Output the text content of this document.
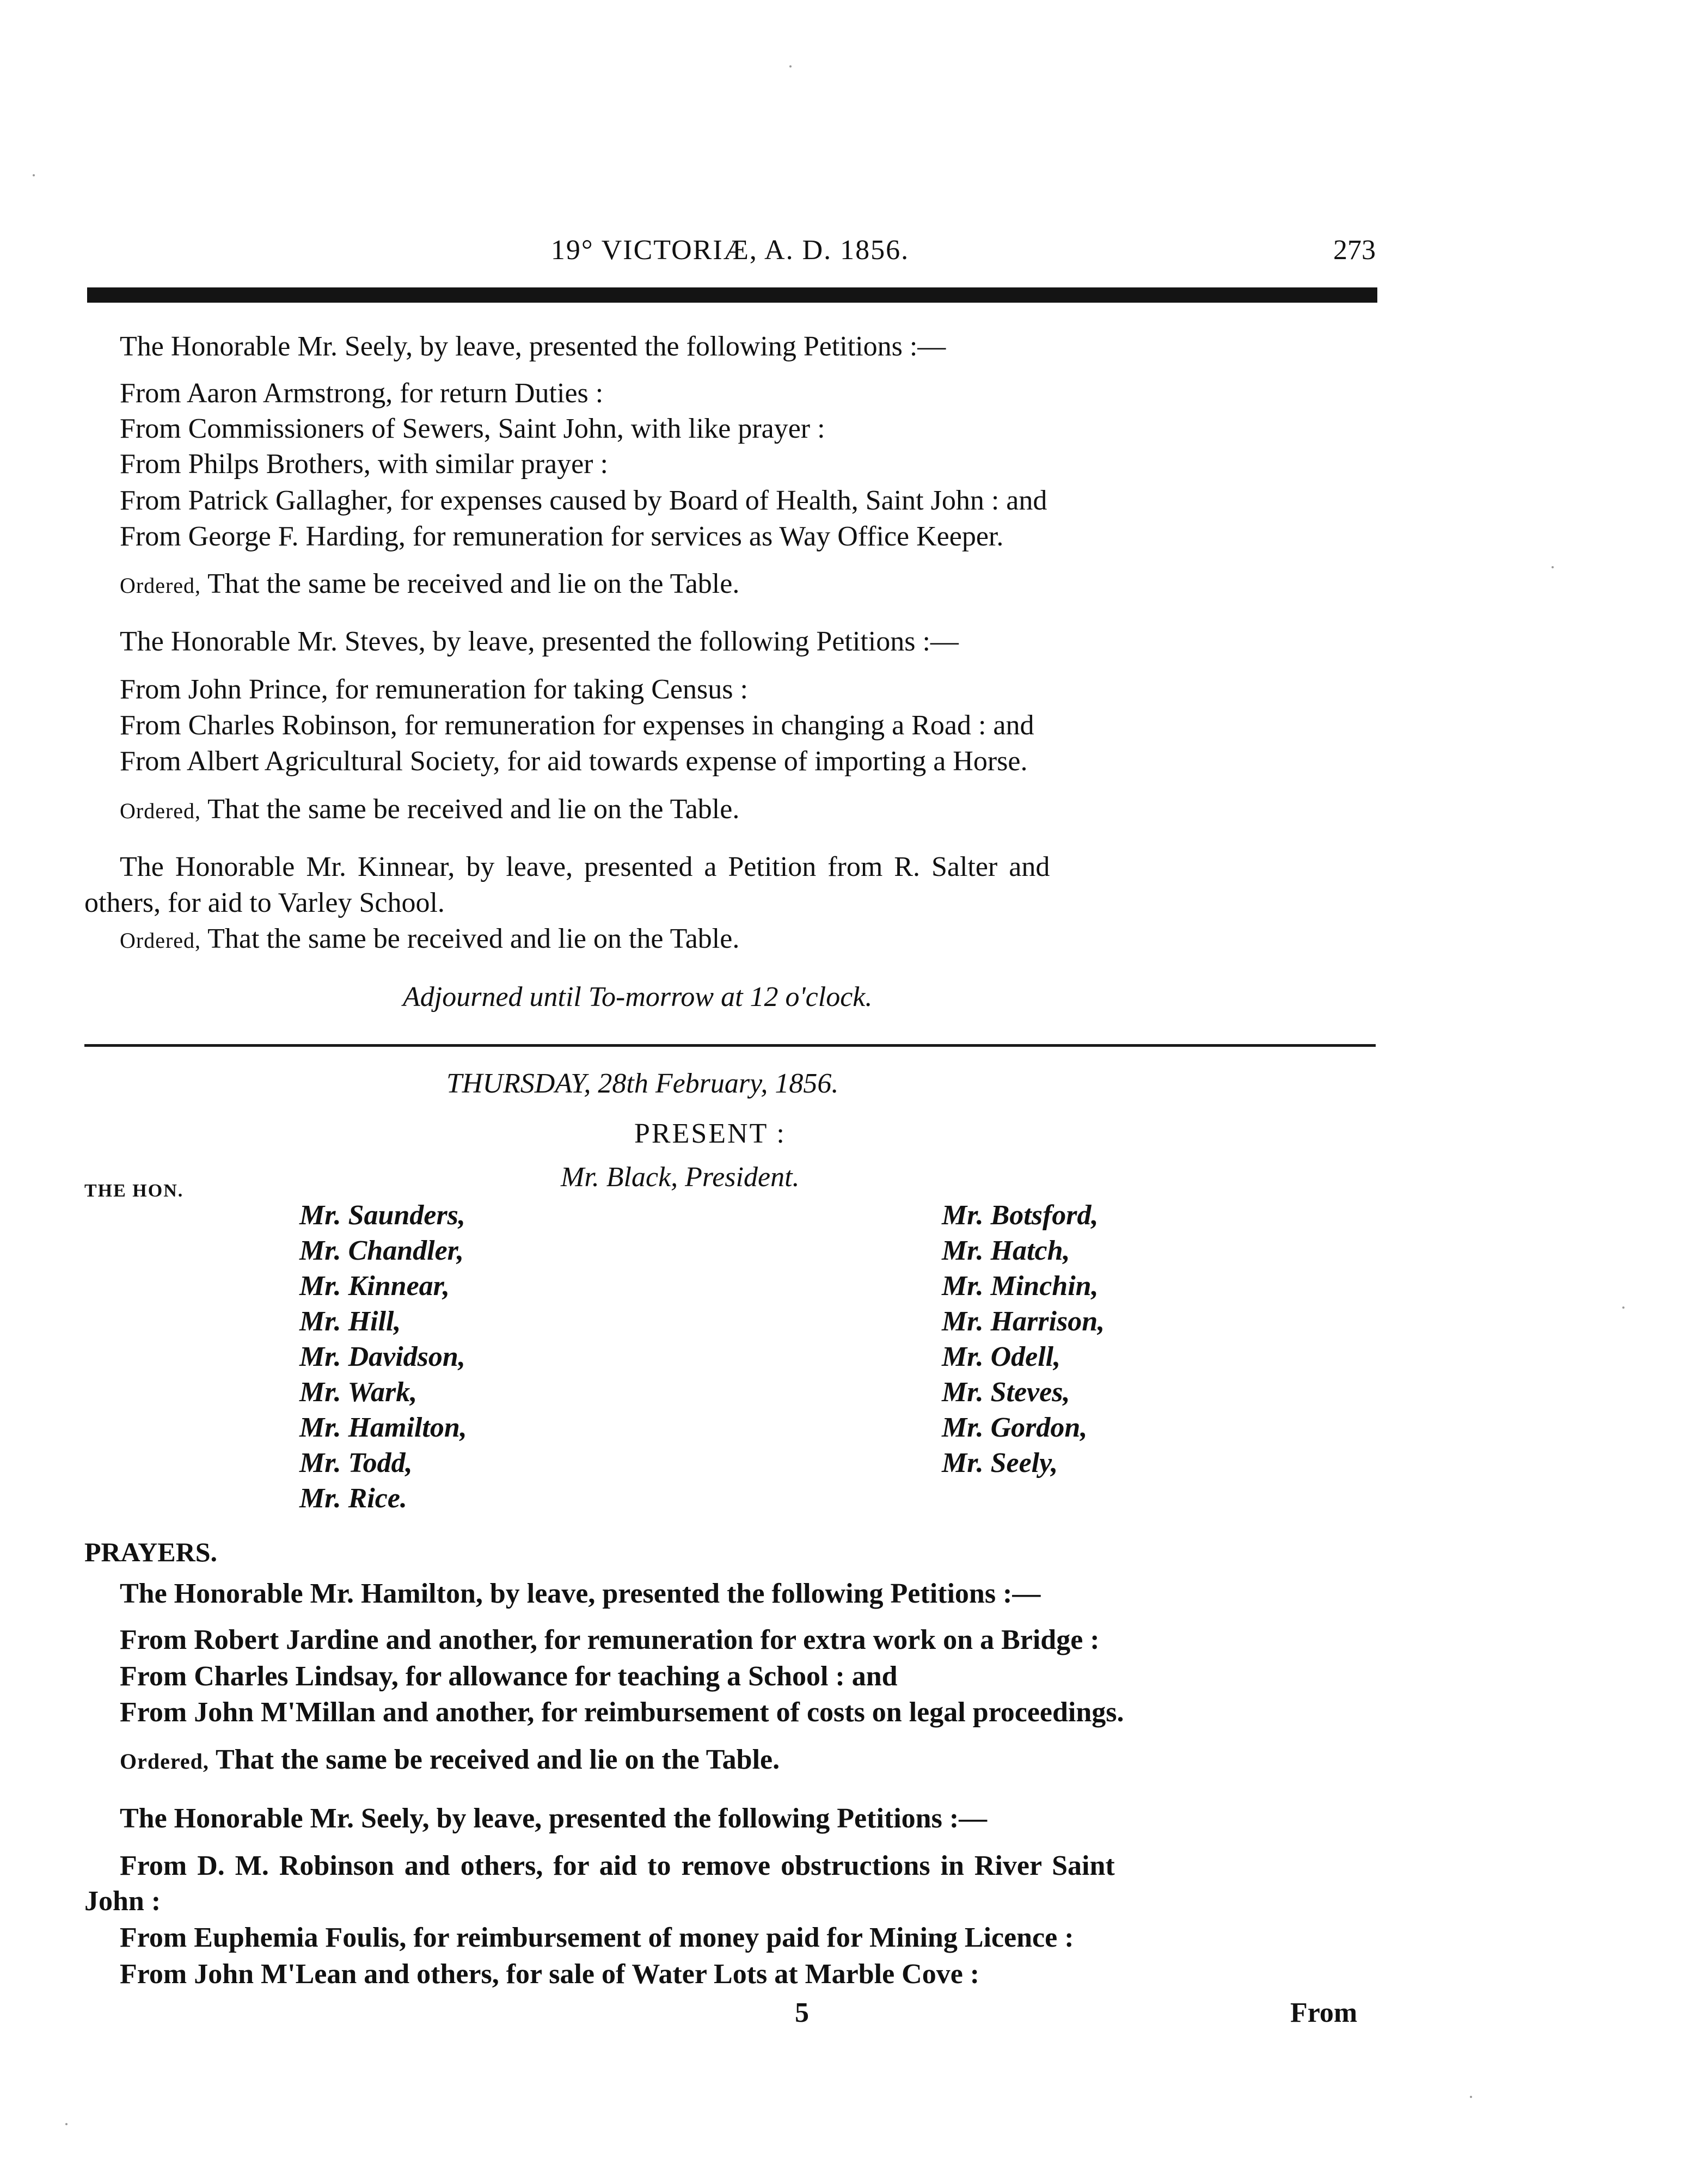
19° VICTORIÆ, A. D. 1856.	273
The Honorable Mr. Seely, by leave, presented the following Petitions :—
From Aaron Armstrong, for return Duties :
From Commissioners of Sewers, Saint John, with like prayer :
From Philps Brothers, with similar prayer :
From Patrick Gallagher, for expenses caused by Board of Health, Saint John : and
From George F. Harding, for remuneration for services as Way Office Keeper.
Ordered, That the same be received and lie on the Table.
The Honorable Mr. Steves, by leave, presented the following Petitions :—
From John Prince, for remuneration for taking Census :
From Charles Robinson, for remuneration for expenses in changing a Road : and
From Albert Agricultural Society, for aid towards expense of importing a Horse.
Ordered, That the same be received and lie on the Table.
The Honorable Mr. Kinnear, by leave, presented a Petition from R. Salter and
others, for aid to Varley School.
Ordered, That the same be received and lie on the Table.
Adjourned until To-morrow at 12 o'clock.
THURSDAY, 28th February, 1856.
PRESENT :
THE HON.	Mr. Black, President.
Mr. Saunders,
Mr. Chandler,
Mr. Kinnear,
Mr. Hill,
Mr. Davidson,
Mr. Wark,
Mr. Hamilton,
Mr. Todd,
Mr. Rice.
Mr. Botsford,
Mr. Hatch,
Mr. Minchin,
Mr. Harrison,
Mr. Odell,
Mr. Steves,
Mr. Gordon,
Mr. Seely,
PRAYERS.
The Honorable Mr. Hamilton, by leave, presented the following Petitions :—
From Robert Jardine and another, for remuneration for extra work on a Bridge :
From Charles Lindsay, for allowance for teaching a School : and
From John M'Millan and another, for reimbursement of costs on legal proceedings.
Ordered, That the same be received and lie on the Table.
The Honorable Mr. Seely, by leave, presented the following Petitions :—
From D. M. Robinson and others, for aid to remove obstructions in River Saint
John :
From Euphemia Foulis, for reimbursement of money paid for Mining Licence :
From John M'Lean and others, for sale of Water Lots at Marble Cove :
5	From
